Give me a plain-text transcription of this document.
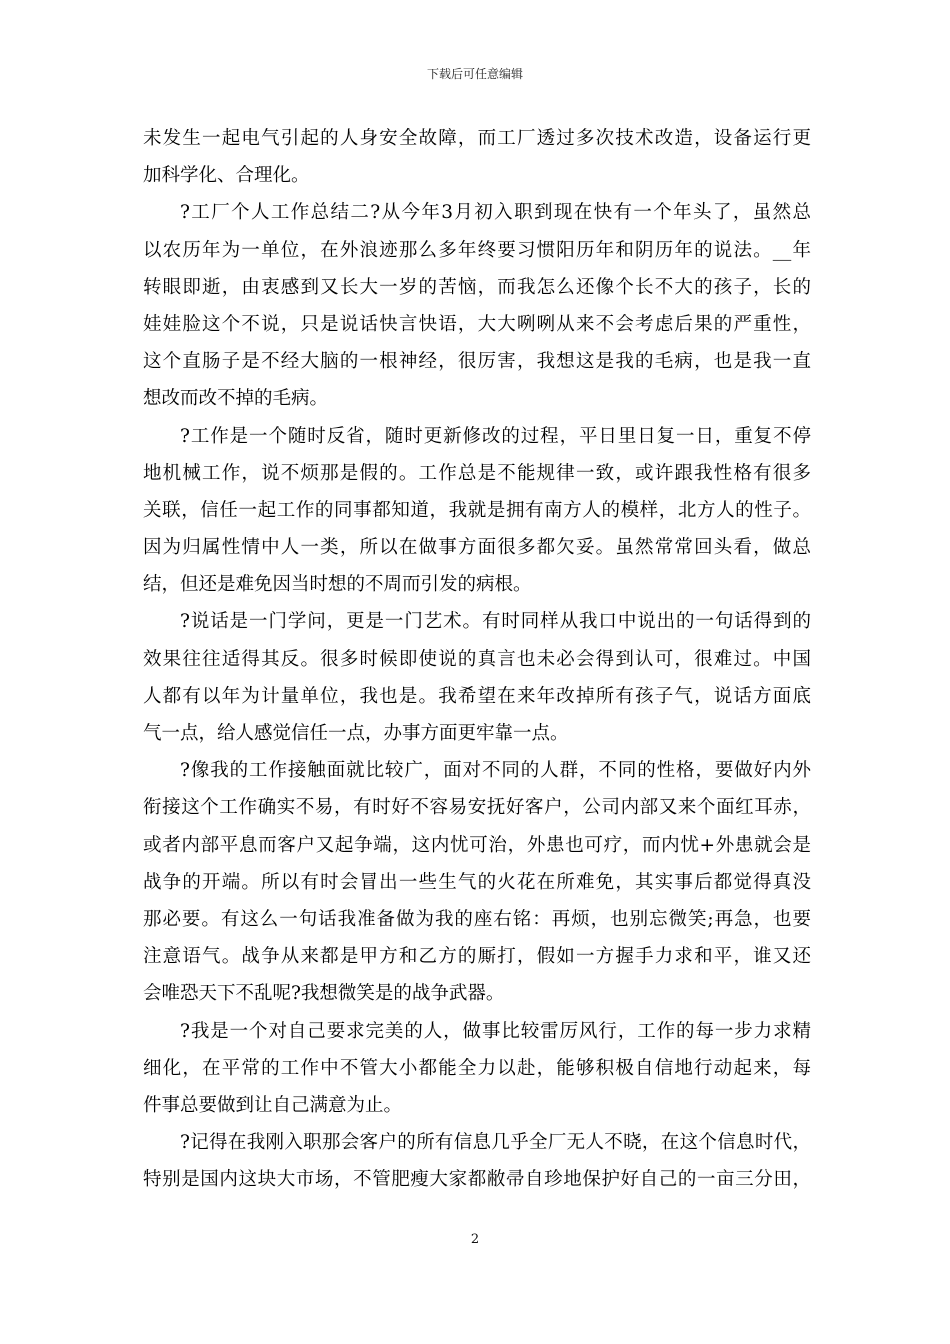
下载后可任意编辑
未发生一起电气引起的人身安全故障，而工厂透过多次技术改造，设备运行更
加科学化、合理化。
?工厂个人工作总结二?从今年3月初入职到现在快有一个年头了，虽然总
以农历年为一单位，在外浪迹那么多年终要习惯阳历年和阴历年的说法。__年
转眼即逝，由衷感到又长大一岁的苦恼，而我怎么还像个长不大的孩子，长的
娃娃脸这个不说，只是说话快言快语，大大咧咧从来不会考虑后果的严重性，
这个直肠子是不经大脑的一根神经，很厉害，我想这是我的毛病，也是我一直
想改而改不掉的毛病。
?工作是一个随时反省，随时更新修改的过程，平日里日复一日，重复不停
地机械工作，说不烦那是假的。工作总是不能规律一致，或许跟我性格有很多
关联，信任一起工作的同事都知道，我就是拥有南方人的模样，北方人的性子。
因为归属性情中人一类，所以在做事方面很多都欠妥。虽然常常回头看，做总
结，但还是难免因当时想的不周而引发的病根。
?说话是一门学问，更是一门艺术。有时同样从我口中说出的一句话得到的
效果往往适得其反。很多时候即使说的真言也未必会得到认可，很难过。中国
人都有以年为计量单位，我也是。我希望在来年改掉所有孩子气，说话方面底
气一点，给人感觉信任一点，办事方面更牢靠一点。
?像我的工作接触面就比较广，面对不同的人群，不同的性格，要做好内外
衔接这个工作确实不易，有时好不容易安抚好客户，公司内部又来个面红耳赤，
或者内部平息而客户又起争端，这内忧可治，外患也可疗，而内忧+外患就会是
战争的开端。所以有时会冒出一些生气的火花在所难免，其实事后都觉得真没
那必要。有这么一句话我准备做为我的座右铭：再烦，也别忘微笑;再急，也要
注意语气。战争从来都是甲方和乙方的厮打，假如一方握手力求和平，谁又还
会唯恐天下不乱呢?我想微笑是的战争武器。
?我是一个对自己要求完美的人，做事比较雷厉风行，工作的每一步力求精
细化，在平常的工作中不管大小都能全力以赴，能够积极自信地行动起来，每
件事总要做到让自己满意为止。
?记得在我刚入职那会客户的所有信息几乎全厂无人不晓，在这个信息时代，
特别是国内这块大市场，不管肥瘦大家都敝帚自珍地保护好自己的一亩三分田，
2
